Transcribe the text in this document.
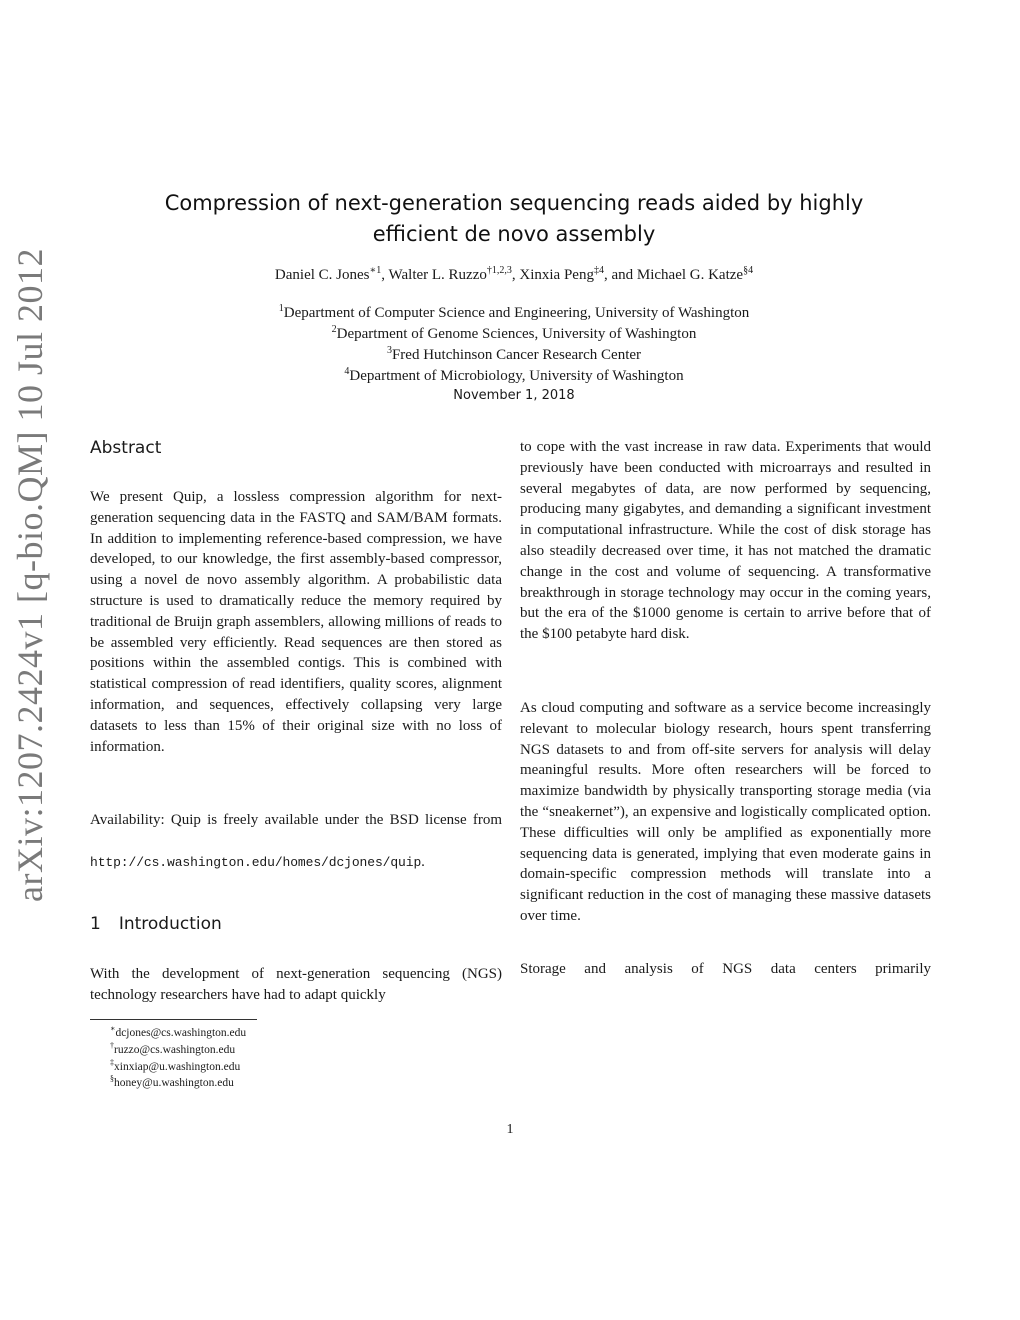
arXiv:1207.2424v1 [q-bio.QM] 10 Jul 2012
Compression of next-generation sequencing reads aided by highly
efficient de novo assembly
Daniel C. Jones$^{∗1}$, Walter L. Ruzzo$^{\dagger 1,2,3}$, Xinxia Peng$^{\ddagger 4}$, and Michael G. Katze$^{\S 4}$
$^1$Department of Computer Science and Engineering, University of Washington
$^2$Department of Genome Sciences, University of Washington
$^3$Fred Hutchinson Cancer Research Center
$^4$Department of Microbiology, University of Washington
November 1, 2018
Abstract

We present Quip, a lossless compression algorithm for next-generation sequencing data in the FASTQ and SAM/BAM formats. In addition to implementing reference-based compression, we have developed, to our knowledge, the first assembly-based compressor, using a novel de novo assembly algorithm. A probabilistic data structure is used to dramatically reduce the memory required by traditional de Bruijn graph assemblers, allowing millions of reads to be assembled very efficiently. Read sequences are then stored as positions within the assembled contigs. This is combined with statistical compression of read identifiers, quality scores, alignment information, and sequences, effectively collapsing very large datasets to less than 15% of their original size with no loss of information.

Availability: Quip is freely available under the BSD license from

http://cs.washington.edu/homes/dcjones/quip.
1 Introduction

With the development of next-generation sequencing (NGS) technology researchers have had to adapt quickly

to cope with the vast increase in raw data. Experiments that would previously have been conducted with microarrays and resulted in several megabytes of data, are now performed by sequencing, producing many gigabytes, and demanding a significant investment in computational infrastructure. While the cost of disk storage has also steadily decreased over time, it has not matched the dramatic change in the cost and volume of sequencing. A transformative breakthrough in storage technology may occur in the coming years, but the era of the $1000 genome is certain to arrive before that of the $100 petabyte hard disk.

As cloud computing and software as a service become increasingly relevant to molecular biology research, hours spent transferring NGS datasets to and from off-site servers for analysis will delay meaningful results. More often researchers will be forced to maximize bandwidth by physically transporting storage media (via the “sneakernet”), an expensive and logistically complicated option. These difficulties will only be amplified as exponentially more sequencing data is generated, implying that even moderate gains in domain-specific compression methods will translate into a significant reduction in the cost of managing these massive datasets over time.

Storage and analysis of NGS data centers primarily

∗dcjones@cs.washington.edu
†ruzzo@cs.washington.edu
‡xinxiap@u.washington.edu
§honey@u.washington.edu
1
